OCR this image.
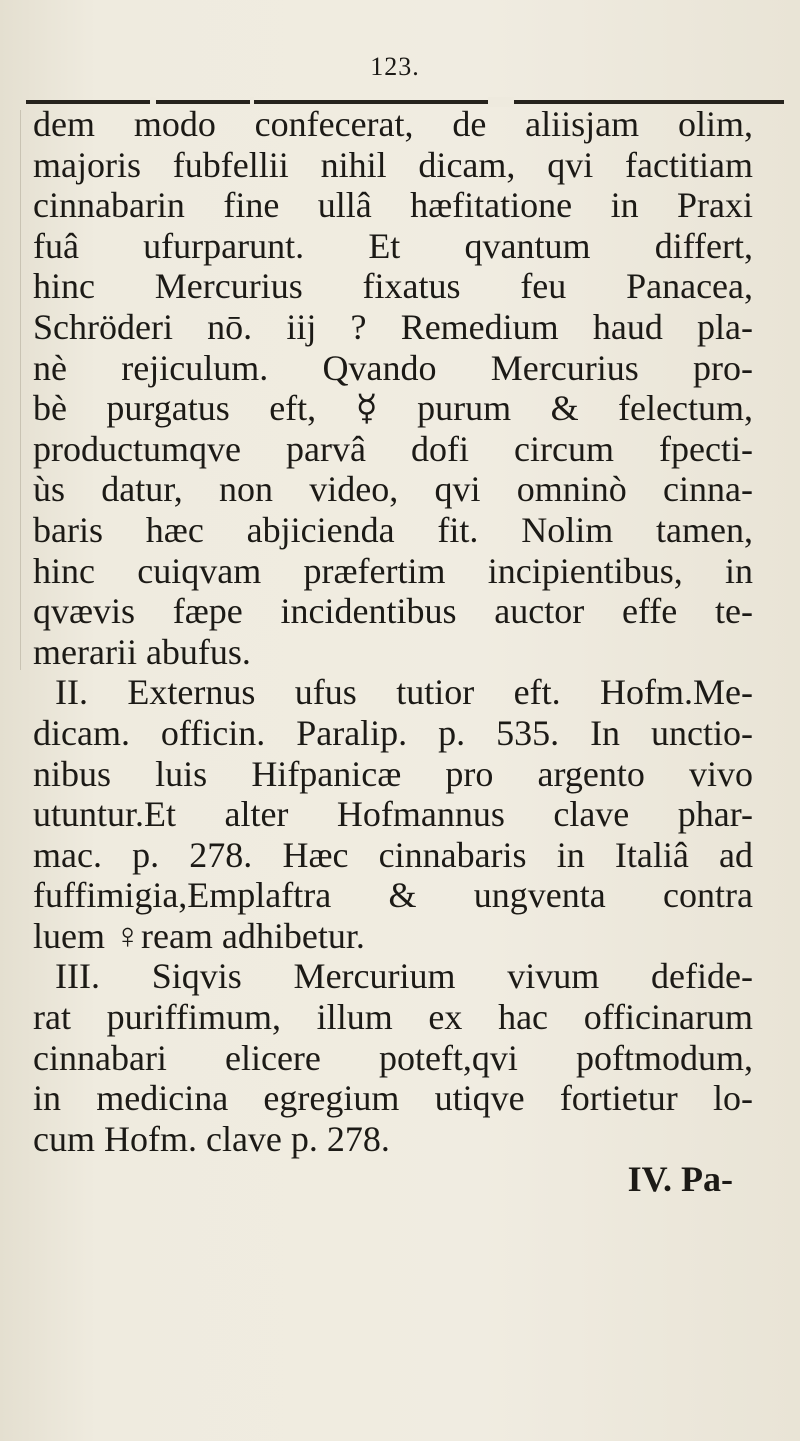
123.
dem modo confecerat, de aliisjam olim,
majoris fubfellii nihil dicam, qvi factitiam
cinnabarin fine ullâ hæfitatione in Praxi
fuâ ufurparunt. Et qvantum differt,
hinc Mercurius fixatus feu Panacea,
Schröderi nō. iij ? Remedium haud pla-
nè rejiculum. Qvando Mercurius pro-
bè purgatus eft, ☿ purum & felectum,
productumqve parvâ dofi circum fpecti-
ùs datur, non video, qvi omninò cinna-
baris hæc abjicienda fit. Nolim tamen,
hinc cuiqvam præfertim incipientibus, in
qvævis fæpe incidentibus auctor effe te-
merarii abufus.
II. Externus ufus tutior eft. Hofm.Me-
dicam. officin. Paralip. p. 535. In unctio-
nibus luis Hifpanicæ pro argento vivo
utuntur.Et alter Hofmannus clave phar-
mac. p. 278. Hæc cinnabaris in Italiâ ad
fuffimigia,Emplaftra & ungventa contra
luem ♀ream adhibetur.
III. Siqvis Mercurium vivum defide-
rat puriffimum, illum ex hac officinarum
cinnabari elicere poteft,qvi poftmodum,
in medicina egregium utiqve fortietur lo-
cum Hofm. clave p. 278.
IV. Pa-
